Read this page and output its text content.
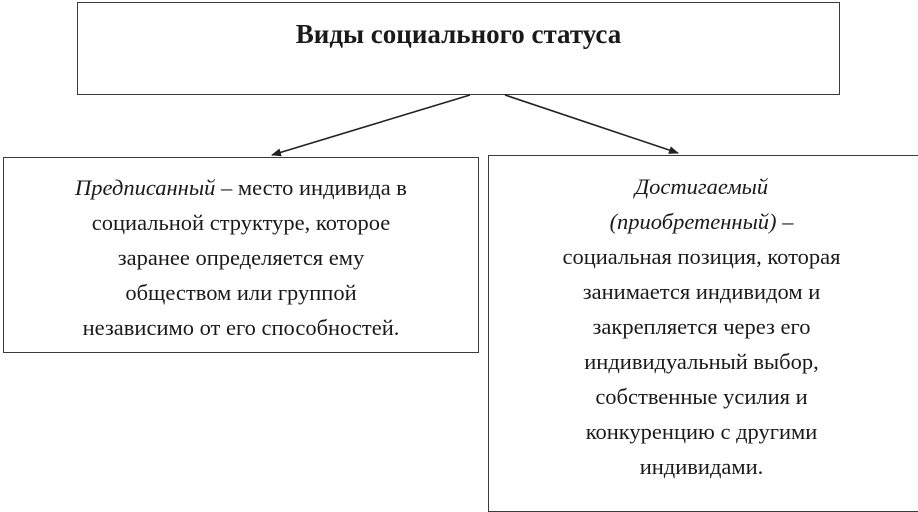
Виды социального статуса
Предписанный – место индивида в
социальной структуре, которое
заранее определяется ему
обществом или группой
независимо от его способностей.
Достигаемый
(приобретенный) –
социальная позиция, которая
занимается индивидом и
закрепляется через его
индивидуальный выбор,
собственные усилия и
конкуренцию с другими
индивидами.
